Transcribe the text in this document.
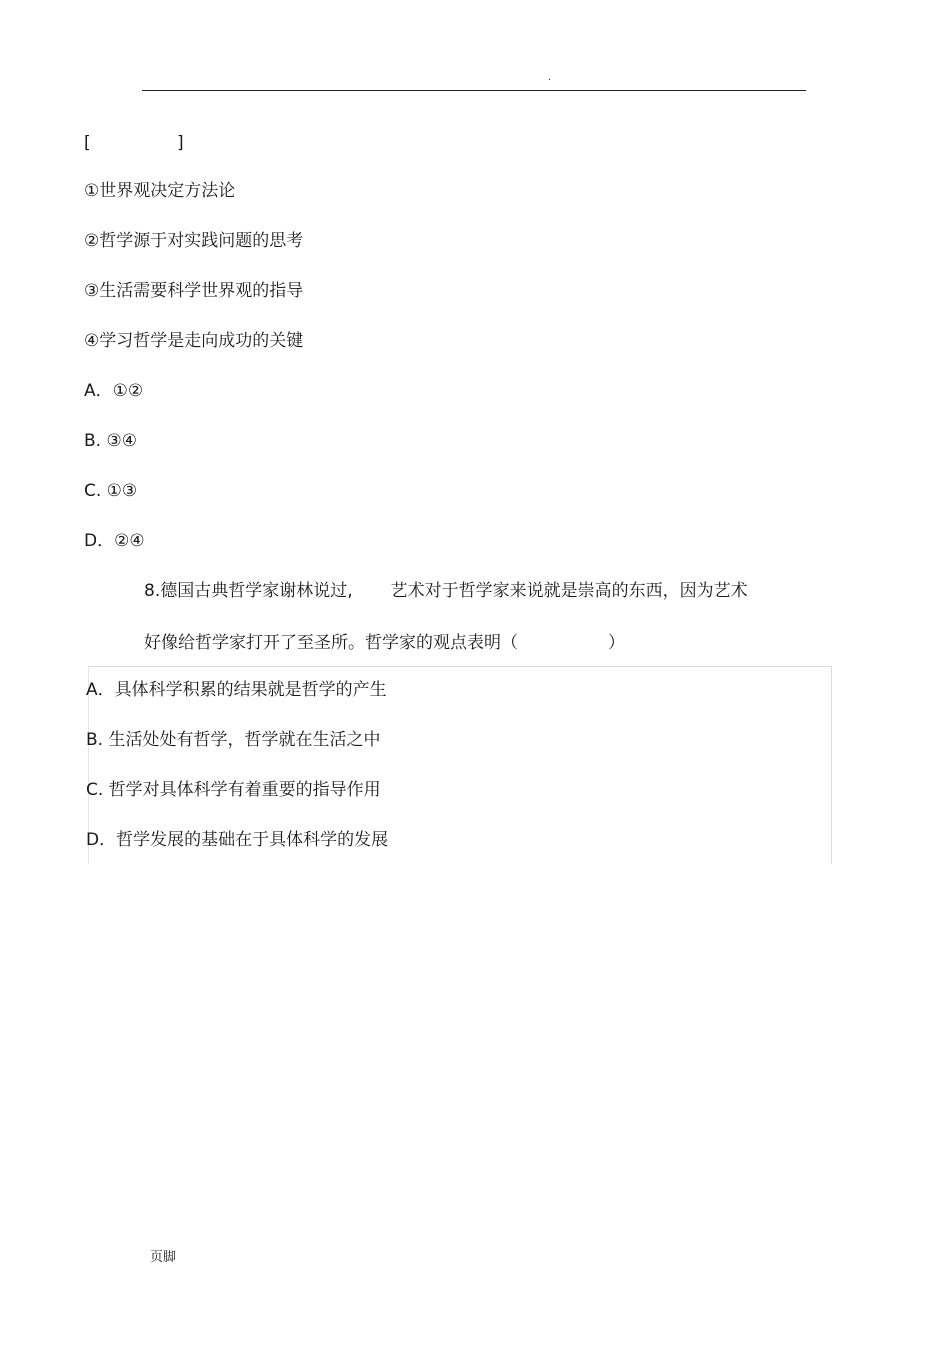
.
[	]
①世界观决定方法论
②哲学源于对实践问题的思考
③生活需要科学世界观的指导
④学习哲学是走向成功的关键
A．①②
B. ③④
C. ①③
D．②④
8.德国古典哲学家谢林说过, 艺术对于哲学家来说就是崇高的东西，因为艺术
好像给哲学家打开了至圣所。哲学家的观点表明（	）
A．具体科学积累的结果就是哲学的产生
B. 生活处处有哲学，哲学就在生活之中
C. 哲学对具体科学有着重要的指导作用
D．哲学发展的基础在于具体科学的发展
页脚
